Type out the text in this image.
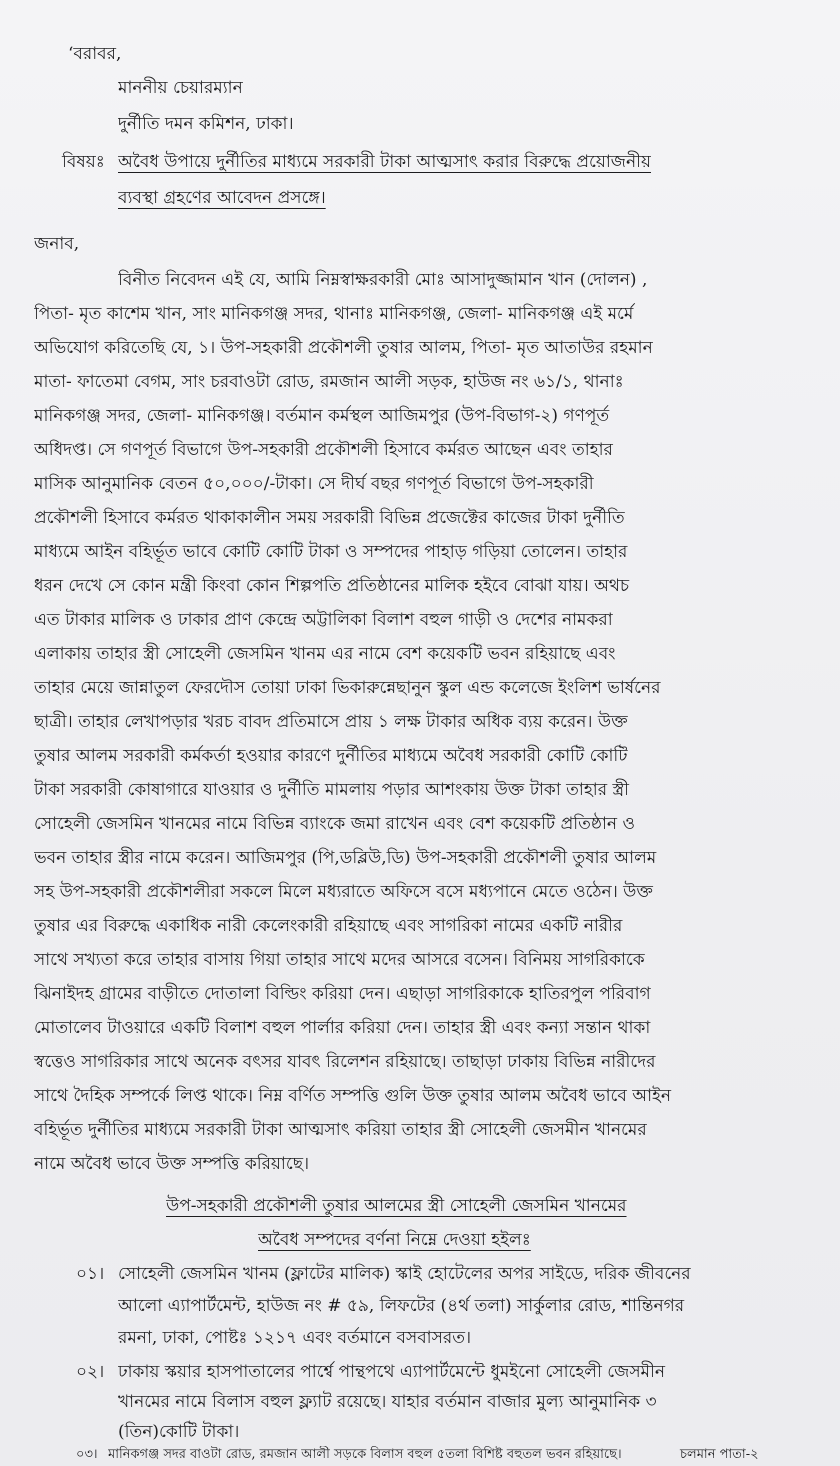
‘বরাবর,
মাননীয় চেয়ারম্যান
দুর্নীতি দমন কমিশন, ঢাকা।
বিষয়ঃ অবৈধ উপায়ে দুর্নীতির মাধ্যমে সরকারী টাকা আত্মসাৎ করার বিরুদ্ধে প্রয়োজনীয়
ব্যবস্থা গ্রহণের আবেদন প্রসঙ্গে।
জনাব,
বিনীত নিবেদন এই যে, আমি নিম্নস্বাক্ষরকারী মোঃ আসাদুজ্জামান খান (দোলন) ,
পিতা- মৃত কাশেম খান, সাং মানিকগঞ্জ সদর, থানাঃ মানিকগঞ্জ, জেলা- মানিকগঞ্জ এই মর্মে
অভিযোগ করিতেছি যে, ১। উপ-সহকারী প্রকৌশলী তুষার আলম, পিতা- মৃত আতাউর রহমান
মাতা- ফাতেমা বেগম, সাং চরবাওটা রোড, রমজান আলী সড়ক, হাউজ নং ৬১/১, থানাঃ
মানিকগঞ্জ সদর, জেলা- মানিকগঞ্জ। বর্তমান কর্মস্থল আজিমপুর (উপ-বিভাগ-২) গণপূর্ত
অধিদপ্ত। সে গণপূর্ত বিভাগে উপ-সহকারী প্রকৌশলী হিসাবে কর্মরত আছেন এবং তাহার
মাসিক আনুমানিক বেতন ৫০,০০০/-টাকা। সে দীর্ঘ বছর গণপূর্ত বিভাগে উপ-সহকারী
প্রকৌশলী হিসাবে কর্মরত থাকাকালীন সময় সরকারী বিভিন্ন প্রজেক্টের কাজের টাকা দুর্নীতি
মাধ্যমে আইন বহির্ভূত ভাবে কোটি কোটি টাকা ও সম্পদের পাহাড় গড়িয়া তোলেন। তাহার
ধরন দেখে সে কোন মন্ত্রী কিংবা কোন শিল্পপতি প্রতিষ্ঠানের মালিক হইবে বোঝা যায়। অথচ
এত টাকার মালিক ও ঢাকার প্রাণ কেন্দ্রে অট্টালিকা বিলাশ বহুল গাড়ী ও দেশের নামকরা
এলাকায় তাহার স্ত্রী সোহেলী জেসমিন খানম এর নামে বেশ কয়েকটি ভবন রহিয়াছে এবং
তাহার মেয়ে জান্নাতুল ফেরদৌস তোয়া ঢাকা ভিকারুন্নেছানুন স্কুল এন্ড কলেজে ইংলিশ ভার্ষনের
ছাত্রী। তাহার লেখাপড়ার খরচ বাবদ প্রতিমাসে প্রায় ১ লক্ষ টাকার অধিক ব্যয় করেন। উক্ত
তুষার আলম সরকারী কর্মকর্তা হওয়ার কারণে দুর্নীতির মাধ্যমে অবৈধ সরকারী কোটি কোটি
টাকা সরকারী কোষাগারে যাওয়ার ও দুর্নীতি মামলায় পড়ার আশংকায় উক্ত টাকা তাহার স্ত্রী
সোহেলী জেসমিন খানমের নামে বিভিন্ন ব্যাংকে জমা রাখেন এবং বেশ কয়েকটি প্রতিষ্ঠান ও
ভবন তাহার স্ত্রীর নামে করেন। আজিমপুর (পি,ডব্লিউ,ডি) উপ-সহকারী প্রকৌশলী তুষার আলম
সহ উপ-সহকারী প্রকৌশলীরা সকলে মিলে মধ্যরাতে অফিসে বসে মধ্যপানে মেতে ওঠেন। উক্ত
তুষার এর বিরুদ্ধে একাধিক নারী কেলেংকারী রহিয়াছে এবং সাগরিকা নামের একটি নারীর
সাথে সখ্যতা করে তাহার বাসায় গিয়া তাহার সাথে মদের আসরে বসেন। বিনিময় সাগরিকাকে
ঝিনাইদহ গ্রামের বাড়ীতে দোতালা বিল্ডিং করিয়া দেন। এছাড়া সাগরিকাকে হাতিরপুল পরিবাগ
মোতালেব টাওয়ারে একটি বিলাশ বহুল পার্লার করিয়া দেন। তাহার স্ত্রী এবং কন্যা সন্তান থাকা
স্বত্তেও সাগরিকার সাথে অনেক বৎসর যাবৎ রিলেশন রহিয়াছে। তাছাড়া ঢাকায় বিভিন্ন নারীদের
সাথে দৈহিক সম্পর্কে লিপ্ত থাকে। নিম্ন বর্ণিত সম্পত্তি গুলি উক্ত তুষার আলম অবৈধ ভাবে আইন
বহির্ভূত দুর্নীতির মাধ্যমে সরকারী টাকা আত্মসাৎ করিয়া তাহার স্ত্রী সোহেলী জেসমীন খানমের
নামে অবৈধ ভাবে উক্ত সম্পত্তি করিয়াছে।
উপ-সহকারী প্রকৌশলী তুষার আলমের স্ত্রী সোহেলী জেসমিন খানমের
অবৈধ সম্পদের বর্ণনা নিম্নে দেওয়া হইলঃ
০১। সোহেলী জেসমিন খানম (ফ্লাটের মালিক) স্কাই হোটেলের অপর সাইডে, দরিক জীবনের
আলো এ্যাপার্টমেন্ট, হাউজ নং # ৫৯, লিফটের (৪র্থ তলা) সার্কুলার রোড, শান্তিনগর
রমনা, ঢাকা, পোষ্টঃ ১২১৭ এবং বর্তমানে বসবাসরত।
০২। ঢাকায় স্কয়ার হাসপাতালের পার্শ্বে পান্থপথে এ্যাপার্টমেন্টে ধুমইনো সোহেলী জেসমীন
খানমের নামে বিলাস বহুল ফ্ল্যাট রয়েছে। যাহার বর্তমান বাজার মুল্য আনুমানিক ৩
(তিন)কোটি টাকা।
০৩। মানিকগঞ্জ সদর বাওটা রোড, রমজান আলী সড়কে বিলাস বহুল ৫তলা বিশিষ্ট বহুতল ভবন রহিয়াছে।	চলমান পাতা-২
